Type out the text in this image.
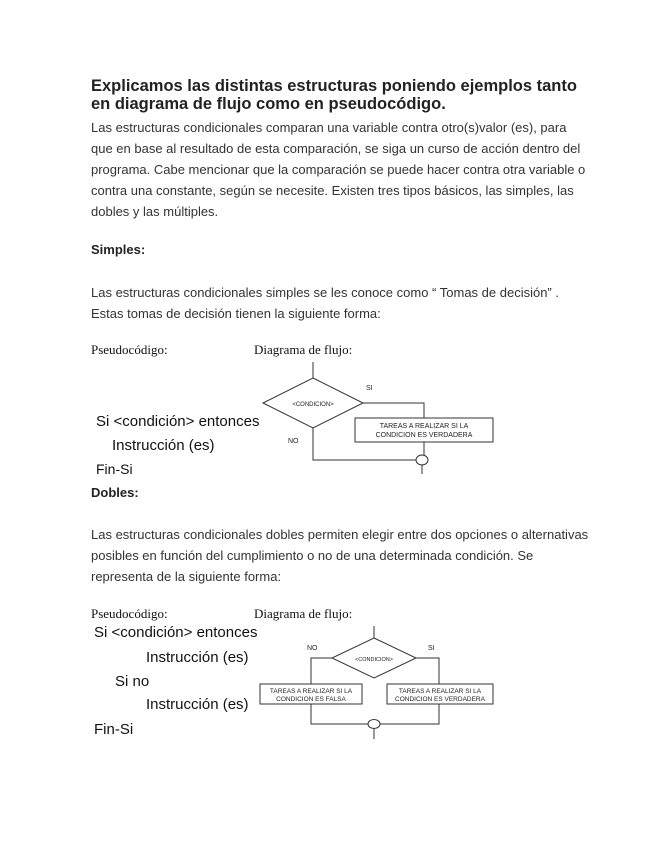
Explicamos las distintas estructuras poniendo ejemplos tanto en diagrama de flujo como en pseudocódigo.
Las estructuras condicionales comparan una variable contra otro(s)valor (es), para que en base al resultado de esta comparación, se siga un curso de acción dentro del programa. Cabe mencionar que la comparación se puede hacer contra otra variable o contra una constante, según se necesite. Existen tres tipos básicos, las simples, las dobles y las múltiples.
Simples:
Las estructuras condicionales simples se les conoce como “ Tomas de decisión” . Estas tomas de decisión tienen la siguiente forma:
Pseudocódigo:	Diagrama de flujo:
Si <condición> entonces
Instrucción (es)
Fin-Si
<CONDICION>
SI
NO
TAREAS A REALIZAR SI LA
CONDICION ES VERDADERA
Dobles:
Las estructuras condicionales dobles permiten elegir entre dos opciones o alternativas posibles en función del cumplimiento o no de una determinada condición. Se representa de la siguiente forma:
Pseudocódigo:	Diagrama de flujo:
Si <condición> entonces
Instrucción (es)
Si no
Instrucción (es)
Fin-Si
<CONDICION>
NO	SI
TAREAS A REALIZAR SI LA
CONDICION ES FALSA
TAREAS A REALIZAR SI LA
CONDICION ES VERDADERA
